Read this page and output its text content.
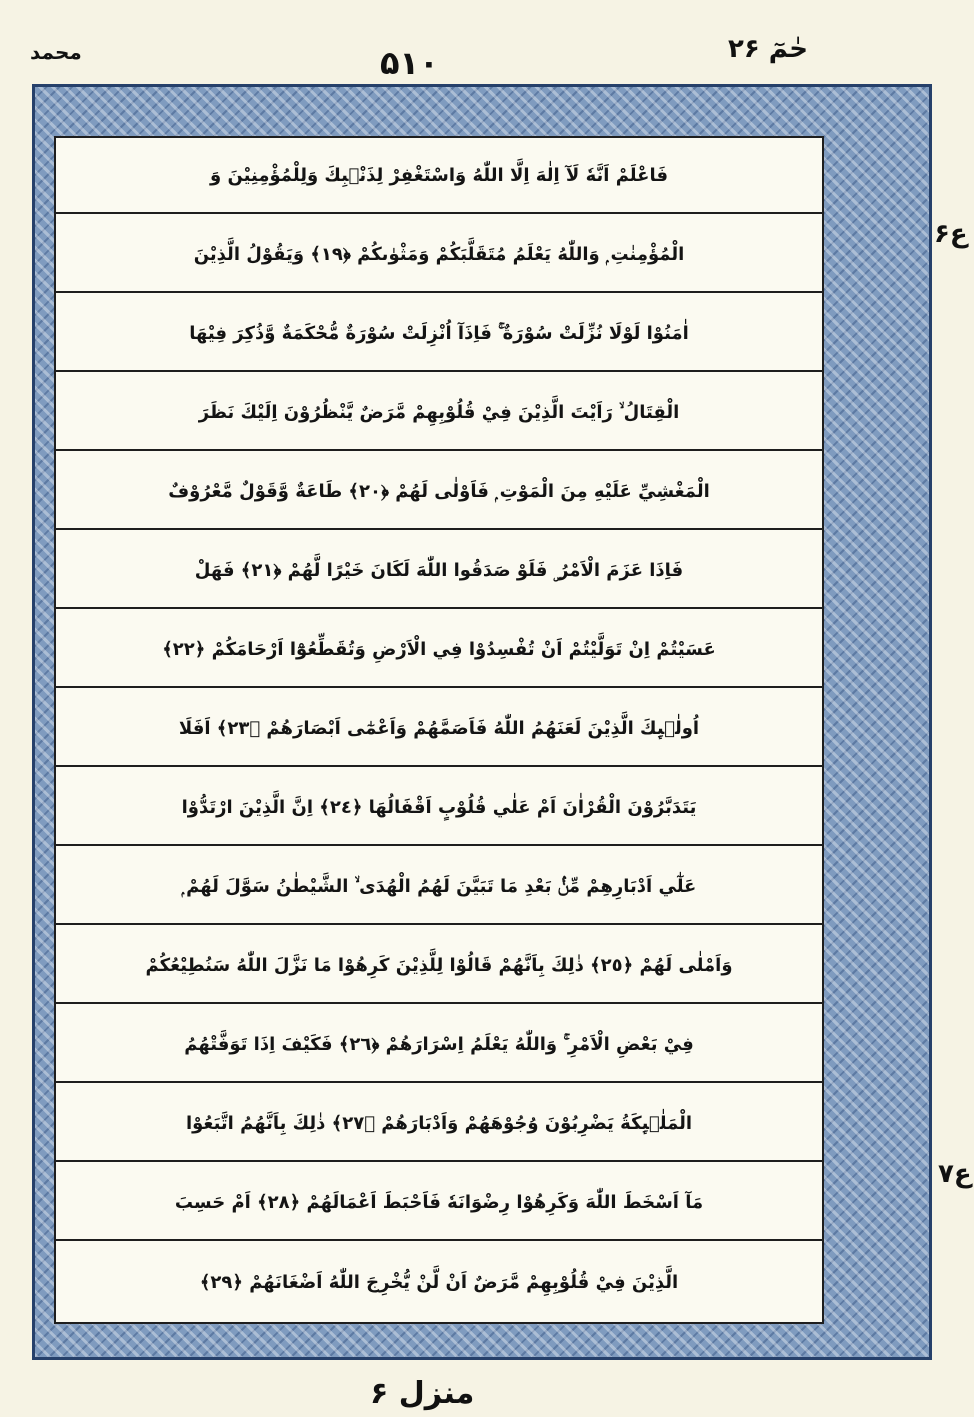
محمد	۵۱۰	حٰمٓ ۲۶
فَاعْلَمْ اَنَّهٗ لَآ اِلٰهَ اِلَّا اللّٰهُ وَاسْتَغْفِرْ لِذَنْۢبِكَ وَلِلْمُؤْمِنِيْنَ وَ
الْمُؤْمِنٰتِ ۭ وَاللّٰهُ يَعْلَمُ مُتَقَلَّبَكُمْ وَمَثْوٰىكُمْ ﴿١٩﴾ وَيَقُوْلُ الَّذِيْنَ
اٰمَنُوْا لَوْلَا نُزِّلَتْ سُوْرَةٌ ۚ فَاِذَآ اُنْزِلَتْ سُوْرَةٌ مُّحْكَمَةٌ وَّذُكِرَ فِيْهَا
الْقِتَالُ ۙ رَاَيْتَ الَّذِيْنَ فِيْ قُلُوْبِهِمْ مَّرَضٌ يَّنْظُرُوْنَ اِلَيْكَ نَظَرَ
الْمَغْشِيِّ عَلَيْهِ مِنَ الْمَوْتِ ۭ فَاَوْلٰى لَهُمْ ﴿٢٠﴾ طَاعَةٌ وَّقَوْلٌ مَّعْرُوْفٌ
فَاِذَا عَزَمَ الْاَمْرُ ۣ فَلَوْ صَدَقُوا اللّٰهَ لَكَانَ خَيْرًا لَّهُمْ ﴿٢١﴾ فَهَلْ
عَسَيْتُمْ اِنْ تَوَلَّيْتُمْ اَنْ تُفْسِدُوْا فِي الْاَرْضِ وَتُقَطِّعُوْٓا اَرْحَامَكُمْ ﴿٢٢﴾
اُولٰۗىِٕكَ الَّذِيْنَ لَعَنَهُمُ اللّٰهُ فَاَصَمَّهُمْ وَاَعْمٰٓى اَبْصَارَهُمْ ﴿٢٣﴾ اَفَلَا
يَتَدَبَّرُوْنَ الْقُرْاٰنَ اَمْ عَلٰي قُلُوْبٍ اَقْفَالُهَا ﴿٢٤﴾ اِنَّ الَّذِيْنَ ارْتَدُّوْا
عَلٰٓي اَدْبَارِهِمْ مِّنْۢ بَعْدِ مَا تَبَيَّنَ لَهُمُ الْهُدَى ۙ الشَّيْطٰنُ سَوَّلَ لَهُمْ ۭ
وَاَمْلٰى لَهُمْ ﴿٢٥﴾ ذٰلِكَ بِاَنَّهُمْ قَالُوْا لِلَّذِيْنَ كَرِهُوْا مَا نَزَّلَ اللّٰهُ سَنُطِيْعُكُمْ
فِيْ بَعْضِ الْاَمْرِ ۚ وَاللّٰهُ يَعْلَمُ اِسْرَارَهُمْ ﴿٢٦﴾ فَكَيْفَ اِذَا تَوَفَّتْهُمُ
الْمَلٰۗىِٕكَةُ يَضْرِبُوْنَ وُجُوْهَهُمْ وَاَدْبَارَهُمْ ﴿٢٧﴾ ذٰلِكَ بِاَنَّهُمُ اتَّبَعُوْا
مَآ اَسْخَطَ اللّٰهَ وَكَرِهُوْا رِضْوَانَهٗ فَاَحْبَطَ اَعْمَالَهُمْ ﴿٢٨﴾ اَمْ حَسِبَ
الَّذِيْنَ فِيْ قُلُوْبِهِمْ مَّرَضٌ اَنْ لَّنْ يُّخْرِجَ اللّٰهُ اَضْغَانَهُمْ ﴿٢٩﴾
ع۶
ع۷
منزل ۶
